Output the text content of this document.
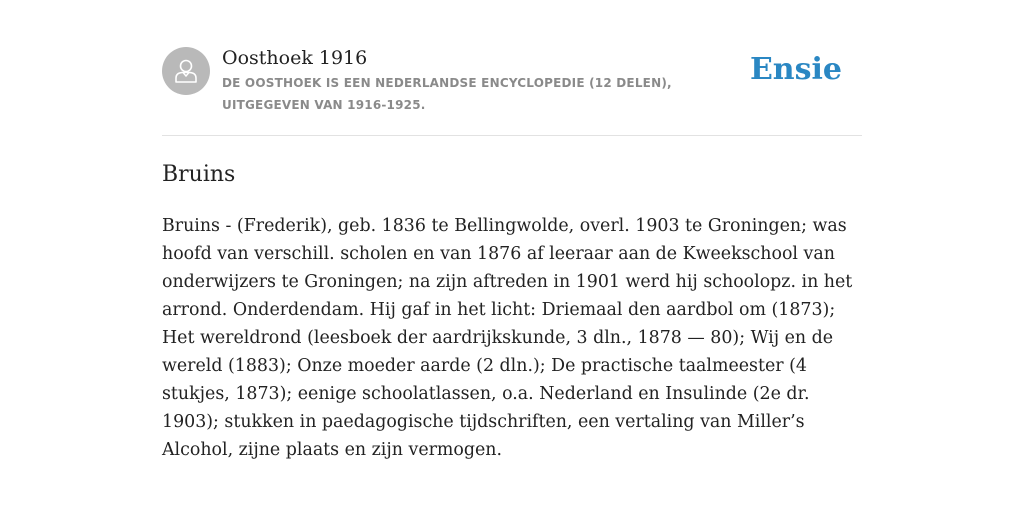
Oosthoek 1916

DE OOSTHOEK IS EEN NEDERLANDSE ENCYCLOPEDIE (12 DELEN), UITGEGEVEN VAN 1916-1925.

Ensie
Bruins

Bruins - (Frederik), geb. 1836 te Bellingwolde, overl. 1903 te Groningen; was hoofd van verschill. scholen en van 1876 af leeraar aan de Kweekschool van onderwijzers te Groningen; na zijn aftreden in 1901 werd hij schoolopz. in het arrond. Onderdendam. Hij gaf in het licht: Driemaal den aardbol om (1873); Het wereldrond (leesboek der aardrijkskunde, 3 dln., 1878 — 80); Wij en de wereld (1883); Onze moeder aarde (2 dln.); De practische taalmeester (4 stukjes, 1873); eenige schoolatlassen, o.a. Nederland en Insulinde (2e dr. 1903); stukken in paedagogische tijdschriften, een vertaling van Miller’s Alcohol, zijne plaats en zijn vermogen.
